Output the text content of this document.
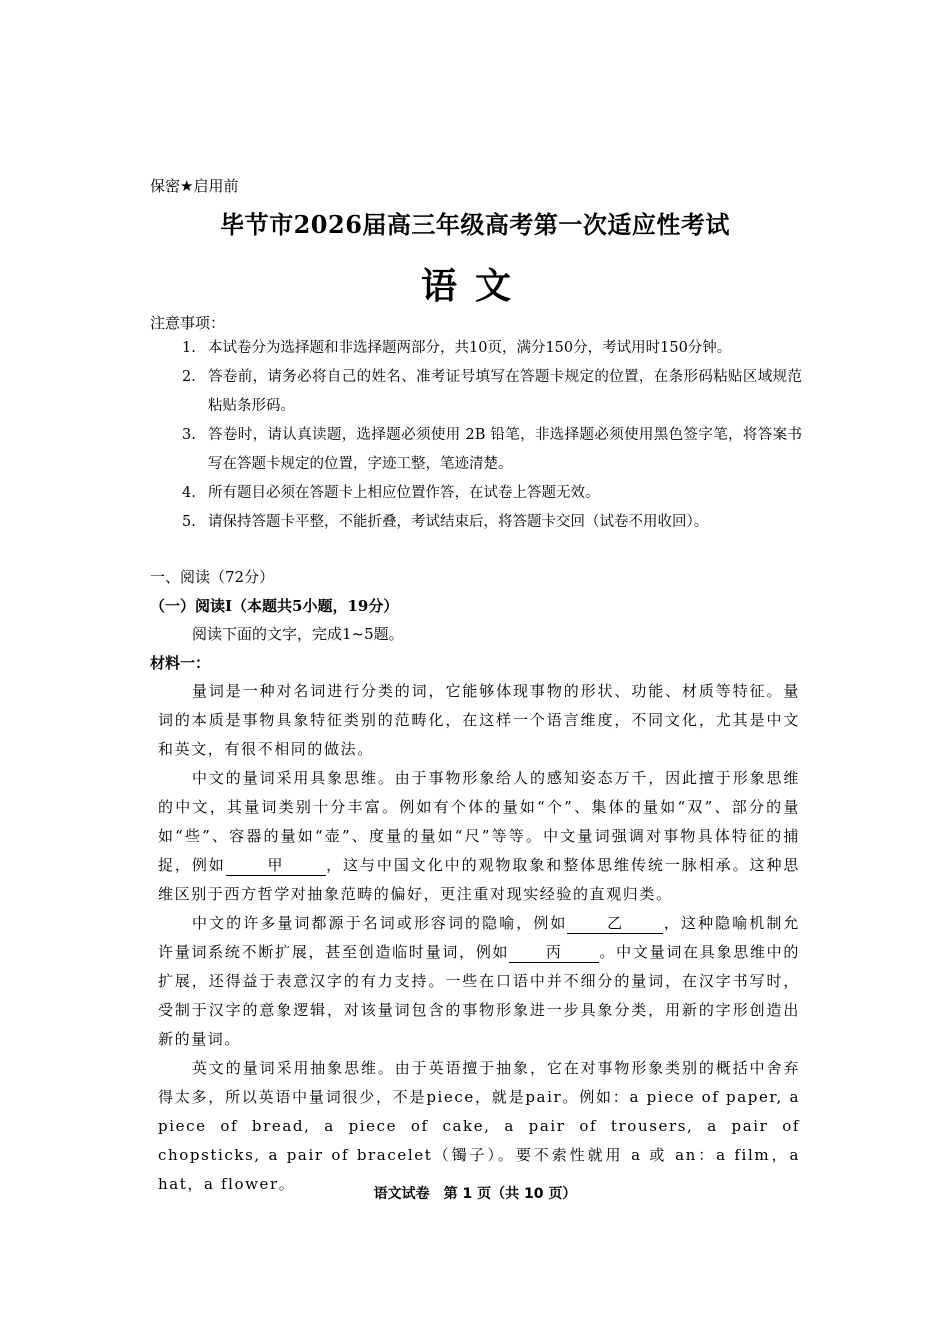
保密★启用前
毕节市2026届高三年级高考第一次适应性考试
语文
注意事项：
1. 本试卷分为选择题和非选择题两部分，共10页，满分150分，考试用时150分钟。
2. 答卷前，请务必将自己的姓名、准考证号填写在答题卡规定的位置，在条形码粘贴区域规范粘贴条形码。
3. 答卷时，请认真读题，选择题必须使用 2B 铅笔，非选择题必须使用黑色签字笔，将答案书写在答题卡规定的位置，字迹工整，笔迹清楚。
4. 所有题目必须在答题卡上相应位置作答，在试卷上答题无效。
5. 请保持答题卡平整，不能折叠，考试结束后，将答题卡交回（试卷不用收回）。
一、阅读（72分）
（一）阅读Ⅰ（本题共5小题，19分）
阅读下面的文字，完成1~5题。
材料一：

量词是一种对名词进行分类的词，它能够体现事物的形状、功能、材质等特征。量词的本质是事物具象特征类别的范畴化，在这样一个语言维度，不同文化，尤其是中文和英文，有很不相同的做法。

中文的量词采用具象思维。由于事物形象给人的感知姿态万千，因此擅于形象思维的中文，其量词类别十分丰富。例如有个体的量如“个”、集体的量如“双”、部分的量如“些”、容器的量如“壶”、度量的量如“尺”等等。中文量词强调对事物具体特征的捕捉，例如	甲	，这与中国文化中的观物取象和整体思维传统一脉相承。这种思维区别于西方哲学对抽象范畴的偏好，更注重对现实经验的直观归类。

中文的许多量词都源于名词或形容词的隐喻，例如	乙	，这种隐喻机制允许量词系统不断扩展，甚至创造临时量词，例如 丙 。中文量词在具象思维中的扩展，还得益于表意汉字的有力支持。一些在口语中并不细分的量词，在汉字书写时，受制于汉字的意象逻辑，对该量词包含的事物形象进一步具象分类，用新的字形创造出新的量词。

英文的量词采用抽象思维。由于英语擅于抽象，它在对事物形象类别的概括中舍弃得太多，所以英语中量词很少，不是piece，就是pair。例如：a piece of paper, a piece of bread, a piece of cake, a pair of trousers, a pair of chopsticks, a pair of bracelet（镯子）。要不索性就用 a 或 an：a film，a hat，a flower。

语文试卷　第 1 页（共 10 页）
